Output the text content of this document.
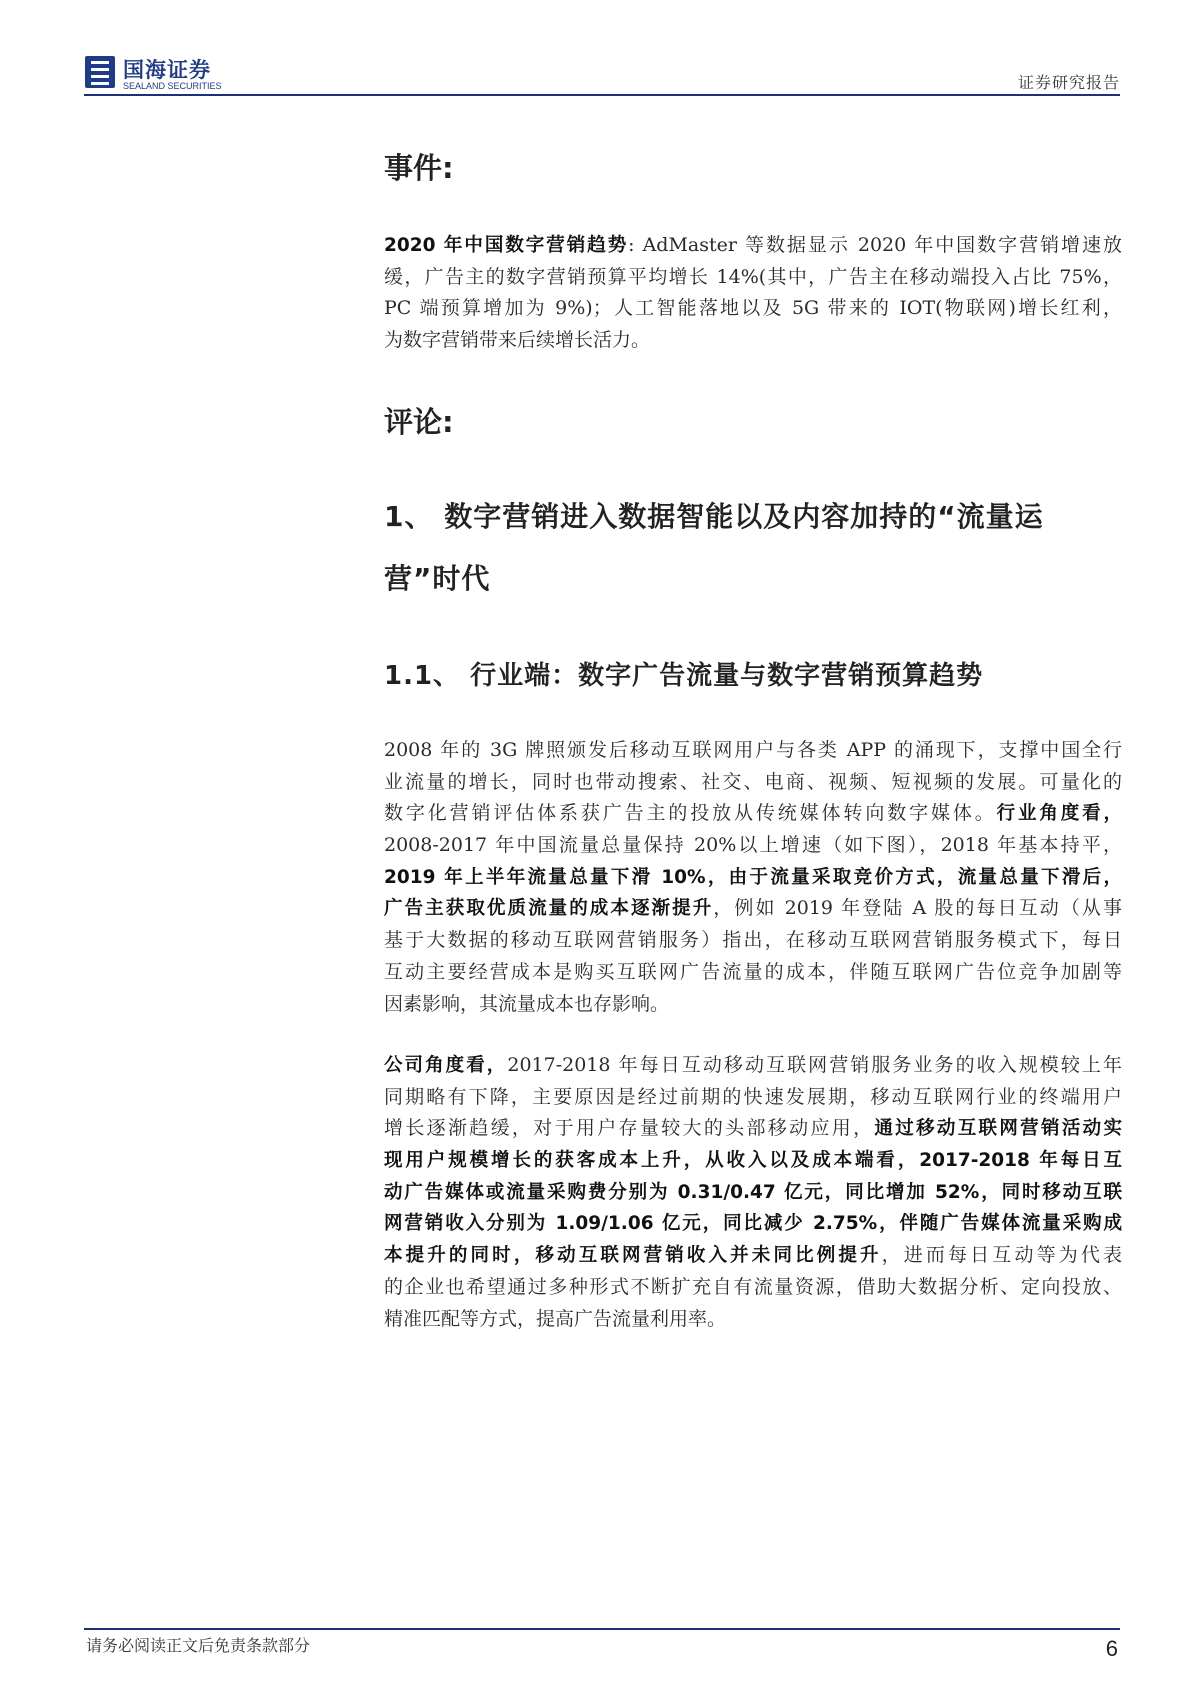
国海证券
SEALAND SECURITIES	证券研究报告
事件:
2020 年中国数字营销趋势: AdMaster 等数据显示 2020 年中国数字营销增速放
缓，广告主的数字营销预算平均增长 14%(其中，广告主在移动端投入占比 75%，
PC 端预算增加为 9%)；人工智能落地以及 5G 带来的 IOT(物联网)增长红利，
为数字营销带来后续增长活力。
评论:
1、 数字营销进入数据智能以及内容加持的“流量运
营”时代
1.1、 行业端：数字广告流量与数字营销预算趋势
2008 年的 3G 牌照颁发后移动互联网用户与各类 APP 的涌现下，支撑中国全行
业流量的增长，同时也带动搜索、社交、电商、视频、短视频的发展。可量化的
数字化营销评估体系获广告主的投放从传统媒体转向数字媒体。行业角度看，
2008-2017 年中国流量总量保持 20%以上增速（如下图），2018 年基本持平，
2019 年上半年流量总量下滑 10%，由于流量采取竞价方式，流量总量下滑后，
广告主获取优质流量的成本逐渐提升，例如 2019 年登陆 A 股的每日互动（从事
基于大数据的移动互联网营销服务）指出，在移动互联网营销服务模式下，每日
互动主要经营成本是购买互联网广告流量的成本，伴随互联网广告位竞争加剧等
因素影响，其流量成本也存影响。
公司角度看，2017-2018 年每日互动移动互联网营销服务业务的收入规模较上年
同期略有下降，主要原因是经过前期的快速发展期，移动互联网行业的终端用户
增长逐渐趋缓，对于用户存量较大的头部移动应用，通过移动互联网营销活动实
现用户规模增长的获客成本上升，从收入以及成本端看，2017-2018 年每日互
动广告媒体或流量采购费分别为 0.31/0.47 亿元，同比增加 52%，同时移动互联
网营销收入分别为 1.09/1.06 亿元，同比减少 2.75%，伴随广告媒体流量采购成
本提升的同时，移动互联网营销收入并未同比例提升，进而每日互动等为代表
的企业也希望通过多种形式不断扩充自有流量资源，借助大数据分析、定向投放、
精准匹配等方式，提高广告流量利用率。
请务必阅读正文后免责条款部分	6
